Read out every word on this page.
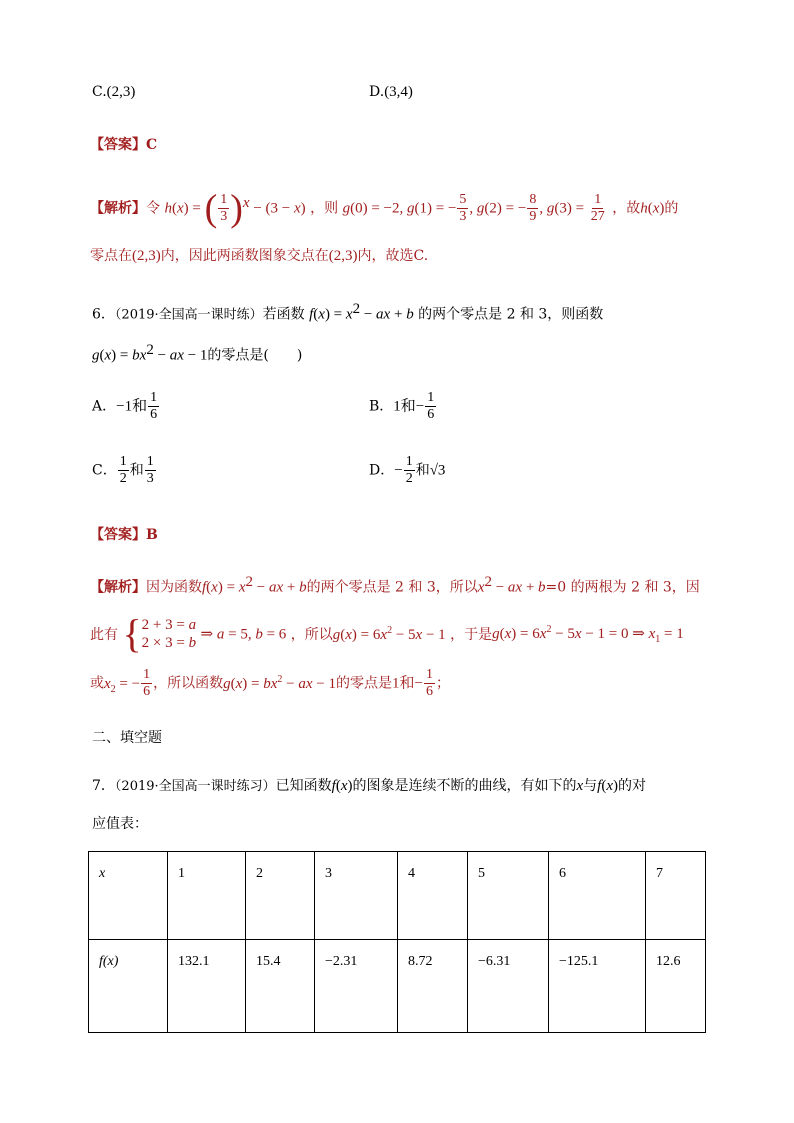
C.(2,3)	D.(3,4)
【答案】C
【解析】令 h(x) = ( $\frac{1}{3} )^x - (3 - x)$ ，则 g(0) = −2, g(1) = − $\frac{5}{3}$ , g(2) = − $\frac{8}{9}$ , $g(3) = \frac{1}{27}$ ，故h(x)的
零点在(2,3)内，因此两函数图象交点在(2,3)内，故选C.
6．（2019·全国高一课时练）若函数 $f(x) = x^2$ − ax + b 的两个零点是 2 和 3，则函数
$g(x) = bx^2$ − ax − 1的零点是(　　)
A．−1和 $\frac{1}{6}$	B．1和− $\frac{1}{6}$
C． $\frac{1}{2}$ 和 $\frac{1}{3}$	D．− $\frac{1}{2}$ 和√3
【答案】B
【解析】因为函数$f(x) = x^2$ − ax + b的两个零点是 2 和 3，所以$x^2$ − ax + b=0 的两根为 2 和 3，因
此有 { 2 + 3 = a
2 × 3 = b
⇒ a = 5, b = 6 ，所以$g(x) = 6x^2 - 5x - 1$ ，于是$g(x) = 6x^2 - 5x - 1 = 0$ ⇒ $x_1 = 1$
或$x_2$ = − $\frac{1}{6}$ ，所以函数$g(x) = bx^2$ − ax − 1的零点是1和− $\frac{1}{6}$ ；
二、填空题
7．（2019·全国高一课时练习）已知函数f(x)的图象是连续不断的曲线，有如下的x与f(x)的对
应值表：
x	1	2	3	4	5	6	7
f(x)	132.1	15.4	−2.31	8.72	−6.31	−125.1	12.6
